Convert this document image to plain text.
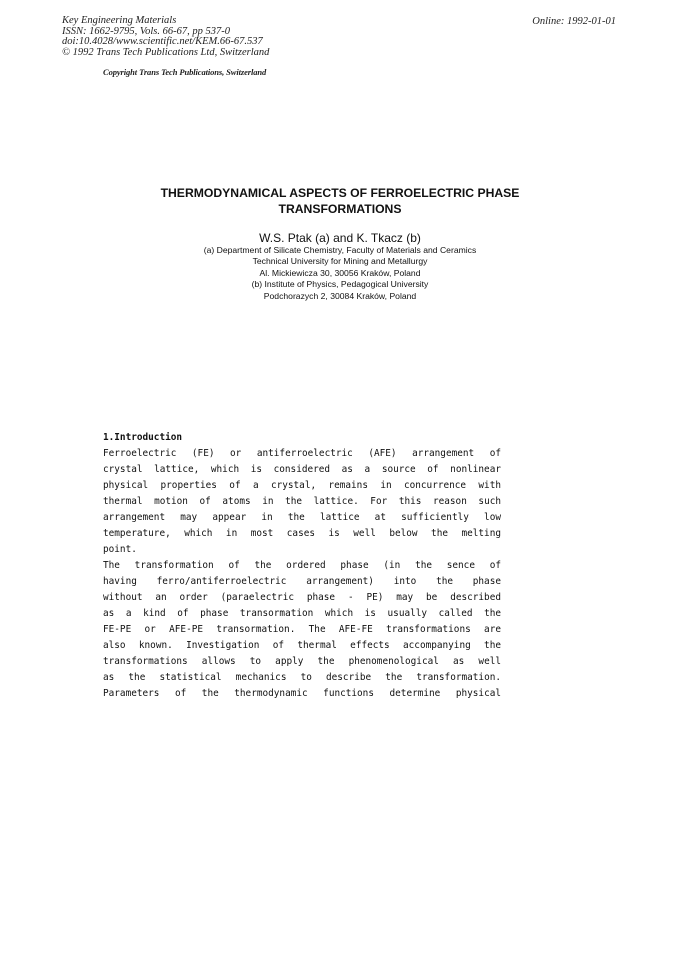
Key Engineering Materials
ISSN: 1662-9795, Vols. 66-67, pp 537-0
doi:10.4028/www.scientific.net/KEM.66-67.537
© 1992 Trans Tech Publications Ltd, Switzerland
Copyright Trans Tech Publications, Switzerland
Online: 1992-01-01
THERMODYNAMICAL ASPECTS OF FERROELECTRIC PHASE
TRANSFORMATIONS
W.S. Ptak (a) and K. Tkacz (b)
(a) Department of Silicate Chemistry, Faculty of Materials and Ceramics
Technical University for Mining and Metallurgy
Al. Mickiewicza 30, 30056 Kraków, Poland
(b) Institute of Physics, Pedagogical University
Podchorazych 2, 30084 Kraków, Poland
1.Introduction
Ferroelectric (FE) or antiferroelectric (AFE) arrangement of
crystal lattice, which is considered as a source of nonlinear
physical properties of a crystal, remains in concurrence with
thermal motion of atoms in the lattice. For this reason such
arrangement may appear in the lattice at sufficiently low
temperature, which in most cases is well below the melting
point.
The transformation of the ordered phase (in the sence of
having ferro/antiferroelectric arrangement) into the phase
without an order (paraelectric phase - PE) may be described
as a kind of phase transormation which is usually called the
FE-PE or AFE-PE transormation. The AFE-FE transformations are
also known. Investigation of thermal effects accompanying the
transformations allows to apply the phenomenological as well
as the statistical mechanics to describe the transformation.
Parameters of the thermodynamic functions determine physical
